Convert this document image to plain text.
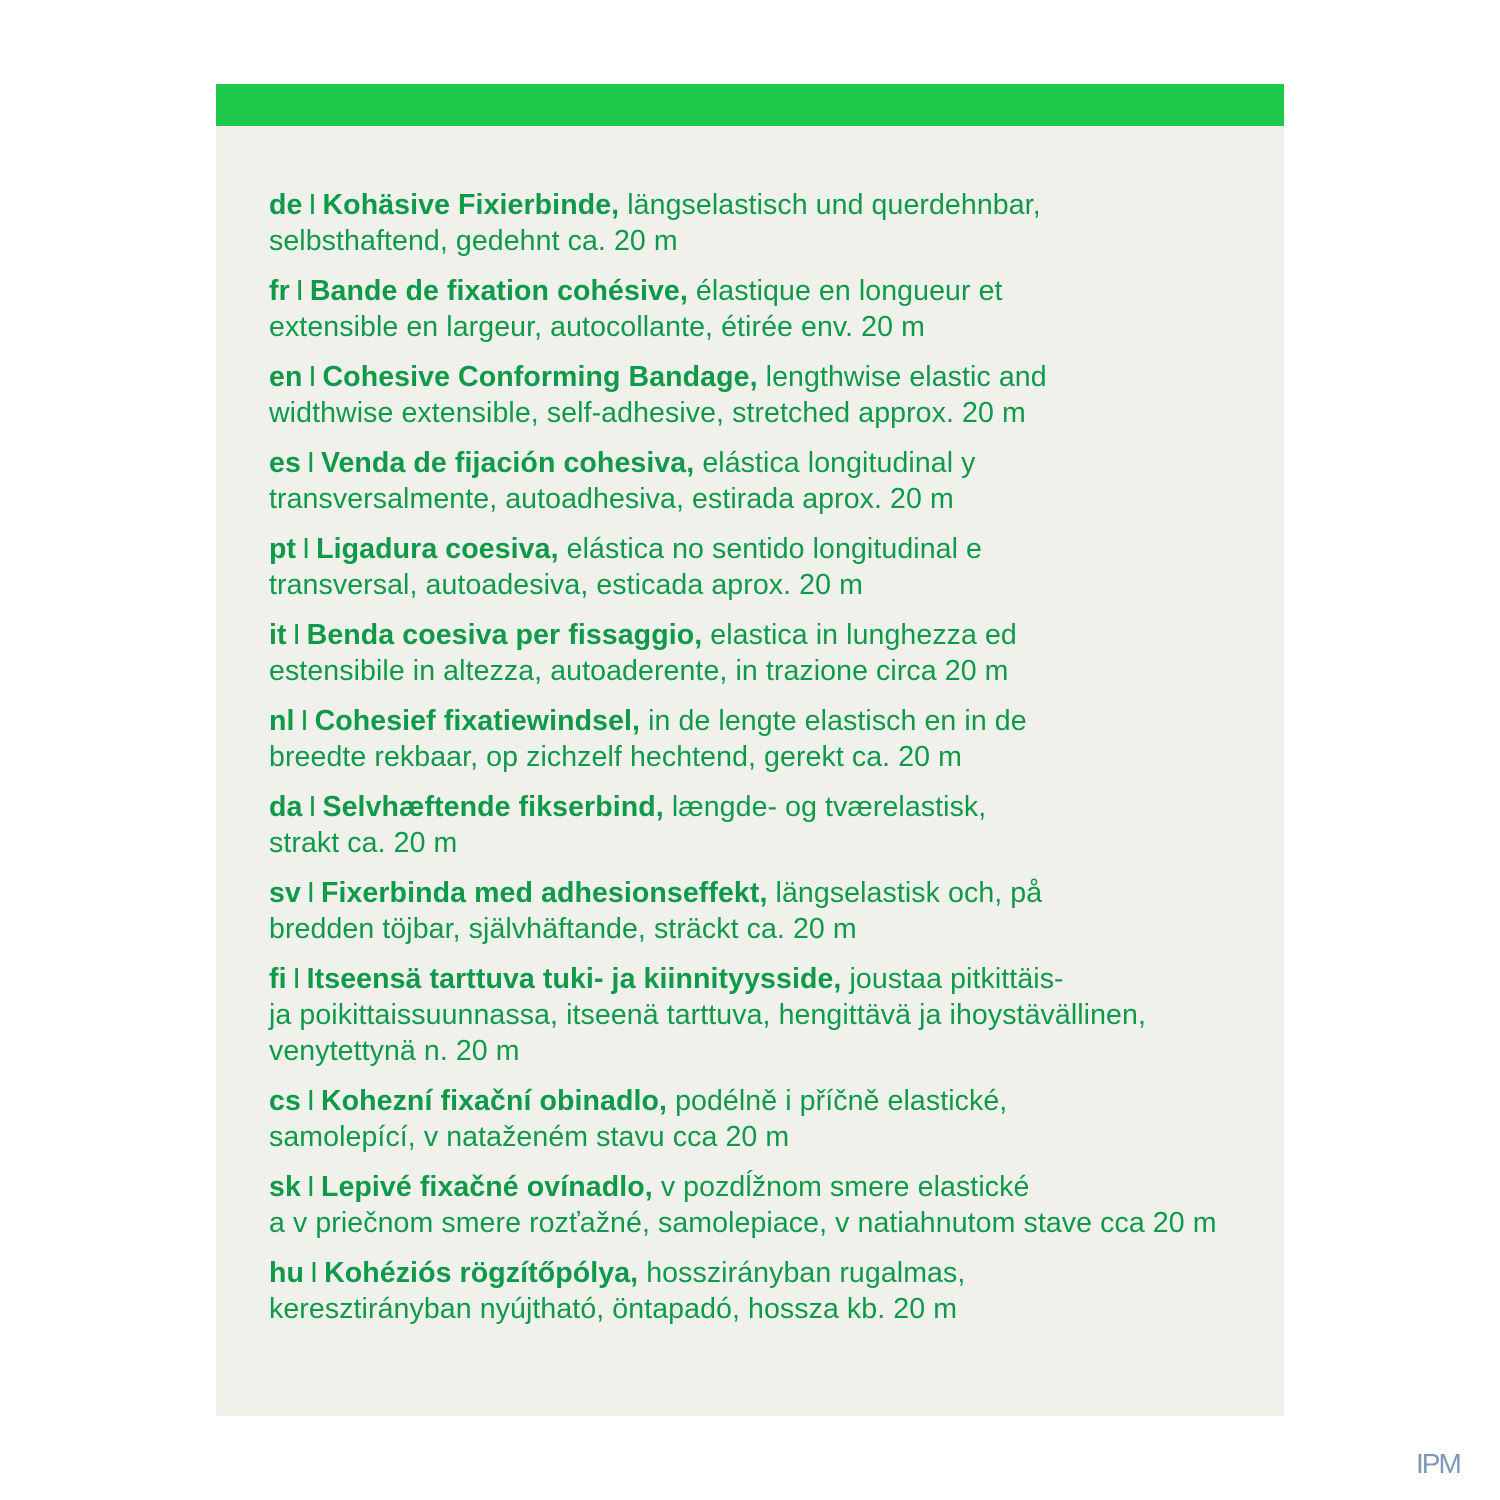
de I Kohäsive Fixierbinde, längselastisch und querdehnbar,
selbsthaftend, gedehnt ca. 20 m
fr I Bande de fixation cohésive, élastique en longueur et
extensible en largeur, autocollante, étirée env. 20 m
en I Cohesive Conforming Bandage, lengthwise elastic and
widthwise extensible, self-adhesive, stretched approx. 20 m
es I Venda de fijación cohesiva, elástica longitudinal y
transversalmente, autoadhesiva, estirada aprox. 20 m
pt I Ligadura coesiva, elástica no sentido longitudinal e
transversal, autoadesiva, esticada aprox. 20 m
it I Benda coesiva per fissaggio, elastica in lunghezza ed
estensibile in altezza, autoaderente, in trazione circa 20 m
nl I Cohesief fixatiewindsel, in de lengte elastisch en in de
breedte rekbaar, op zichzelf hechtend, gerekt ca. 20 m
da I Selvhæftende fikserbind, længde- og tværelastisk,
strakt ca. 20 m
sv I Fixerbinda med adhesionseffekt, längselastisk och, på
bredden töjbar, självhäftande, sträckt ca. 20 m
fi I Itseensä tarttuva tuki- ja kiinnityysside, joustaa pitkittäis-
ja poikittaissuunnassa, itseenä tarttuva, hengittävä ja ihoystävällinen, venytettynä n. 20 m
cs I Kohezní fixační obinadlo, podélně i příčně elastické,
samolepící, v nataženém stavu cca 20 m
sk I Lepivé fixačné ovínadlo, v pozdĺžnom smere elastické
a v priečnom smere rozťažné, samolepiace, v natiahnutom stave cca 20 m
hu I Kohéziós rögzítőpólya, hosszirányban rugalmas,
keresztirányban nyújtható, öntapadó, hossza kb. 20 m
IPM
